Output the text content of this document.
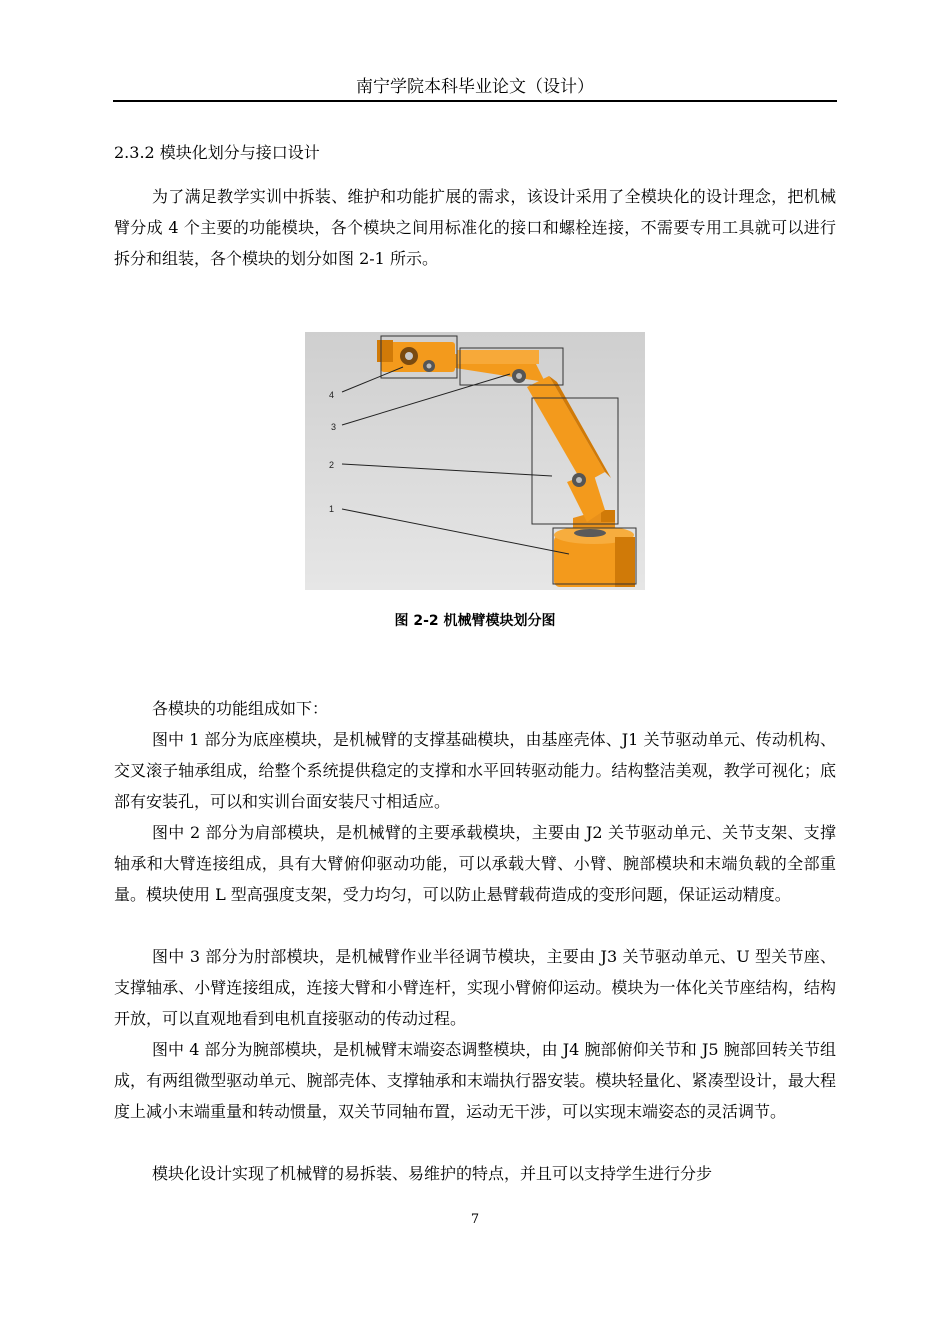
南宁学院本科毕业论文（设计）
2.3.2 模块化划分与接口设计

为了满足教学实训中拆装、维护和功能扩展的需求，该设计采用了全模块化的设计理念，把机械臂分成 4 个主要的功能模块，各个模块之间用标准化的接口和螺栓连接，不需要专用工具就可以进行拆分和组装，各个模块的划分如图 2-1 所示。

4
3
2
1
图 2-2 机械臂模块划分图

各模块的功能组成如下：

图中 1 部分为底座模块，是机械臂的支撑基础模块，由基座壳体、J1 关节驱动单元、传动机构、交叉滚子轴承组成，给整个系统提供稳定的支撑和水平回转驱动能力。结构整洁美观，教学可视化；底部有安装孔，可以和实训台面安装尺寸相适应。

图中 2 部分为肩部模块，是机械臂的主要承载模块，主要由 J2 关节驱动单元、关节支架、支撑轴承和大臂连接组成，具有大臂俯仰驱动功能，可以承载大臂、小臂、腕部模块和末端负载的全部重量。模块使用 L 型高强度支架，受力均匀，可以防止悬臂载荷造成的变形问题，保证运动精度。

图中 3 部分为肘部模块，是机械臂作业半径调节模块，主要由 J3 关节驱动单元、U 型关节座、支撑轴承、小臂连接组成，连接大臂和小臂连杆，实现小臂俯仰运动。模块为一体化关节座结构，结构开放，可以直观地看到电机直接驱动的传动过程。

图中 4 部分为腕部模块，是机械臂末端姿态调整模块，由 J4 腕部俯仰关节和 J5 腕部回转关节组成，有两组微型驱动单元、腕部壳体、支撑轴承和末端执行器安装。模块轻量化、紧凑型设计，最大程度上减小末端重量和转动惯量，双关节同轴布置，运动无干涉，可以实现末端姿态的灵活调节。

模块化设计实现了机械臂的易拆装、易维护的特点，并且可以支持学生进行分步

7
